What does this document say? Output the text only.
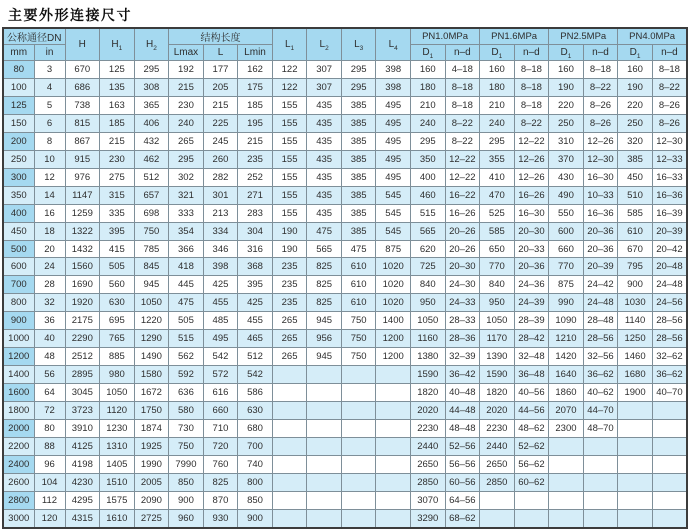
主要外形连接尺寸
公称通径DN		H	$H_1$	$H_2$	结构长度			$L_1$	$L_2$	$L_3$	$L_4$	PN1.0MPa		PN1.6MPa		PN2.5MPa		PN4.0MPa	
mm	in				Lmax	L	Lmin					$D_1$	n–d	$D_1$	n–d	$D_1$	n–d	$D_1$	n–d
80	3	670	125	295	192	177	162	122	307	295	398	160	4–18	160	8–18	160	8–18	160	8–18
100	4	686	135	308	215	205	175	122	307	295	398	180	8–18	180	8–18	190	8–22	190	8–22
125	5	738	163	365	230	215	185	155	435	385	495	210	8–18	210	8–18	220	8–26	220	8–26
150	6	815	185	406	240	225	195	155	435	385	495	240	8–22	240	8–22	250	8–26	250	8–26
200	8	867	215	432	265	245	215	155	435	385	495	295	8–22	295	12–22	310	12–26	320	12–30
250	10	915	230	462	295	260	235	155	435	385	495	350	12–22	355	12–26	370	12–30	385	12–33
300	12	976	275	512	302	282	252	155	435	385	495	400	12–22	410	12–26	430	16–30	450	16–33
350	14	1147	315	657	321	301	271	155	435	385	545	460	16–22	470	16–26	490	10–33	510	16–36
400	16	1259	335	698	333	213	283	155	435	385	545	515	16–26	525	16–30	550	16–36	585	16–39
450	18	1322	395	750	354	334	304	190	475	385	545	565	20–26	585	20–30	600	20–36	610	20–39
500	20	1432	415	785	366	346	316	190	565	475	875	620	20–26	650	20–33	660	20–36	670	20–42
600	24	1560	505	845	418	398	368	235	825	610	1020	725	20–30	770	20–36	770	20–39	795	20–48
700	28	1690	560	945	445	425	395	235	825	610	1020	840	24–30	840	24–36	875	24–42	900	24–48
800	32	1920	630	1050	475	455	425	235	825	610	1020	950	24–33	950	24–39	990	24–48	1030	24–56
900	36	2175	695	1220	505	485	455	265	945	750	1400	1050	28–33	1050	28–39	1090	28–48	1140	28–56
1000	40	2290	765	1290	515	495	465	265	956	750	1200	1160	28–36	1170	28–42	1210	28–56	1250	28–56
1200	48	2512	885	1490	562	542	512	265	945	750	1200	1380	32–39	1390	32–48	1420	32–56	1460	32–62
1400	56	2895	980	1580	592	572	542					1590	36–42	1590	36–48	1640	36–62	1680	36–62
1600	64	3045	1050	1672	636	616	586					1820	40–48	1820	40–56	1860	40–62	1900	40–70
1800	72	3723	1120	1750	580	660	630					2020	44–48	2020	44–56	2070	44–70		
2000	80	3910	1230	1874	730	710	680					2230	48–48	2230	48–62	2300	48–70		
2200	88	4125	1310	1925	750	720	700					2440	52–56	2440	52–62				
2400	96	4198	1405	1990	7990	760	740					2650	56–56	2650	56–62				
2600	104	4230	1510	2005	850	825	800					2850	60–56	2850	60–62				
2800	112	4295	1575	2090	900	870	850					3070	64–56						
3000	120	4315	1610	2725	960	930	900					3290	68–62						
